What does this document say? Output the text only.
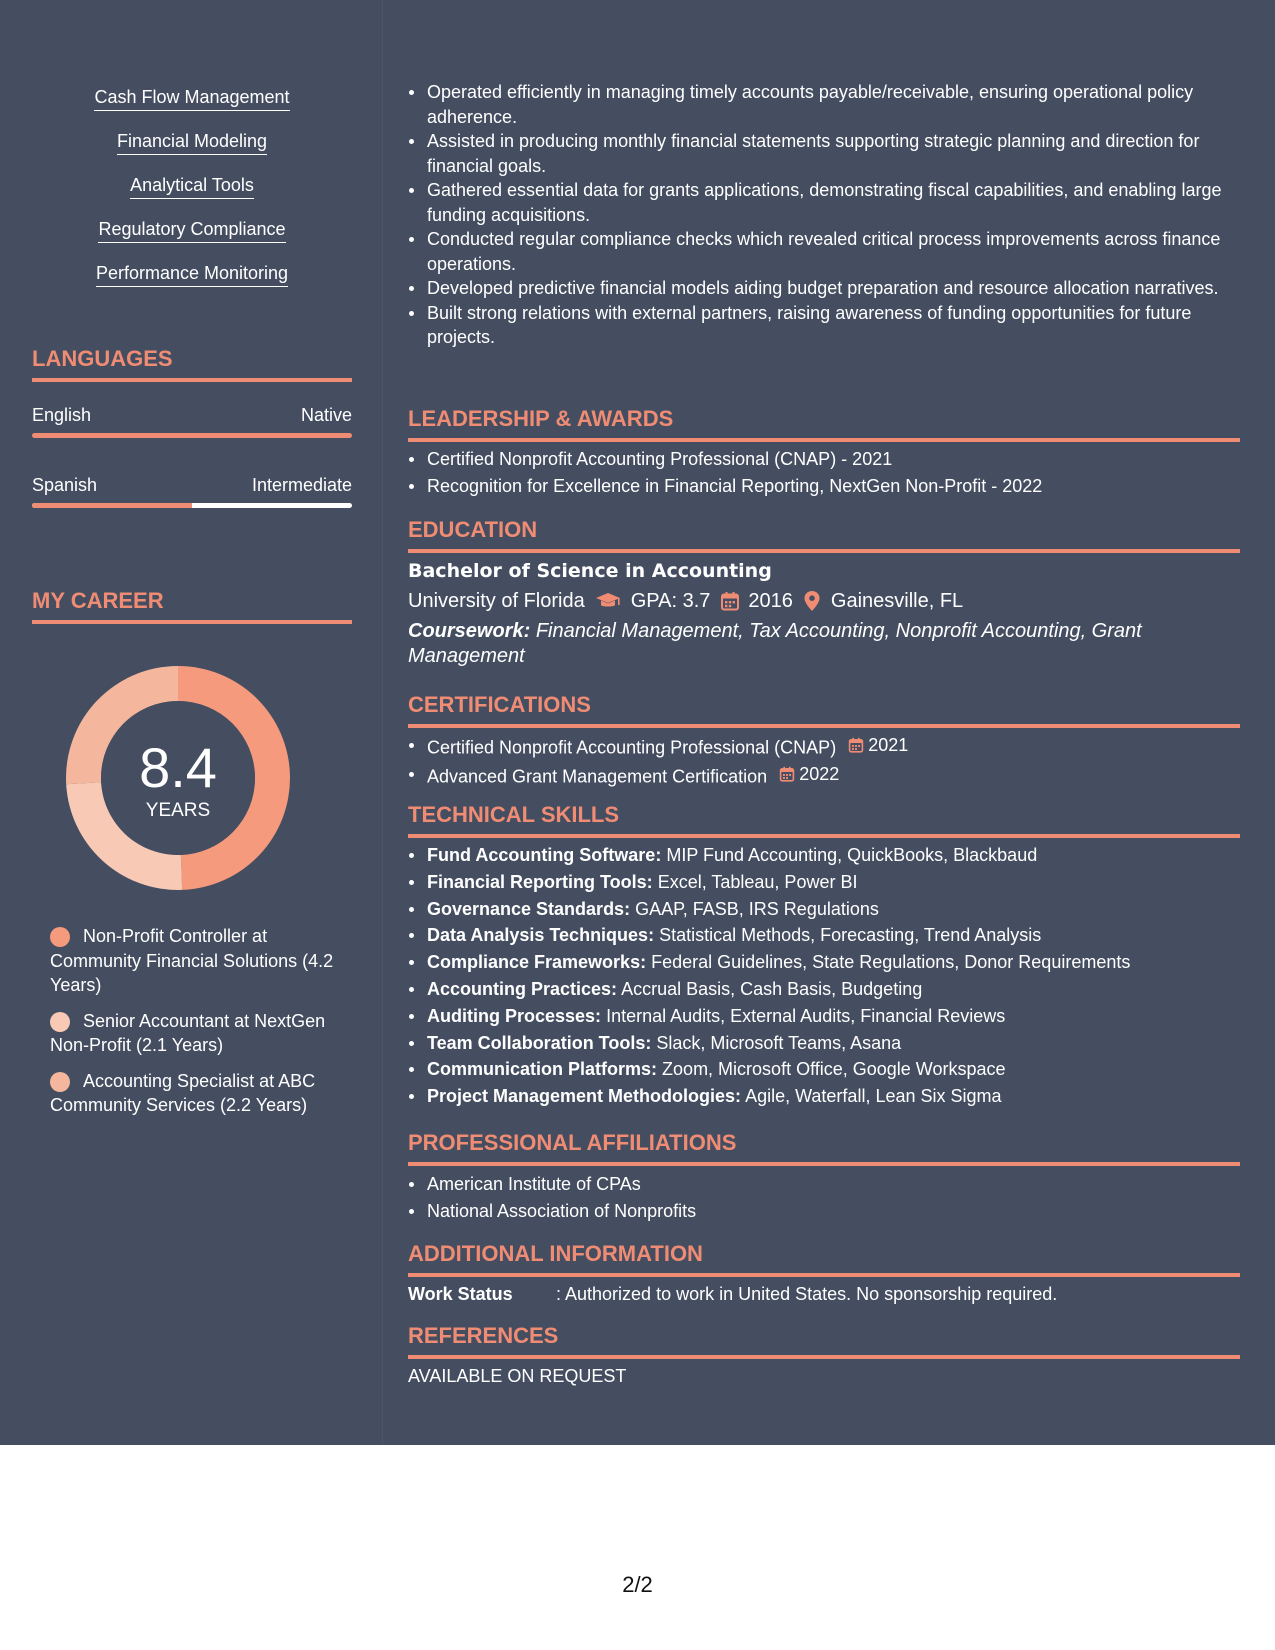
Cash Flow Management
Financial Modeling
Analytical Tools
Regulatory Compliance
Performance Monitoring
LANGUAGES
English	Native
Spanish	Intermediate
MY CAREER
8.4
YEARS
Non-Profit Controller at Community Financial Solutions (4.2 Years)
Senior Accountant at NextGen Non-Profit (2.1 Years)
Accounting Specialist at ABC Community Services (2.2 Years)
Operated efficiently in managing timely accounts payable/receivable, ensuring operational policy adherence.
Assisted in producing monthly financial statements supporting strategic planning and direction for financial goals.
Gathered essential data for grants applications, demonstrating fiscal capabilities, and enabling large funding acquisitions.
Conducted regular compliance checks which revealed critical process improvements across finance operations.
Developed predictive financial models aiding budget preparation and resource allocation narratives.
Built strong relations with external partners, raising awareness of funding opportunities for future projects.
LEADERSHIP & AWARDS
Certified Nonprofit Accounting Professional (CNAP) - 2021
Recognition for Excellence in Financial Reporting, NextGen Non-Profit - 2022
EDUCATION
Bachelor of Science in Accounting
University of Florida GPA: 3.7 2016 Gainesville, FL
Coursework: Financial Management, Tax Accounting, Nonprofit Accounting, Grant Management
CERTIFICATIONS
Certified Nonprofit Accounting Professional (CNAP) 2021
Advanced Grant Management Certification 2022
TECHNICAL SKILLS
Fund Accounting Software: MIP Fund Accounting, QuickBooks, Blackbaud
Financial Reporting Tools: Excel, Tableau, Power BI
Governance Standards: GAAP, FASB, IRS Regulations
Data Analysis Techniques: Statistical Methods, Forecasting, Trend Analysis
Compliance Frameworks: Federal Guidelines, State Regulations, Donor Requirements
Accounting Practices: Accrual Basis, Cash Basis, Budgeting
Auditing Processes: Internal Audits, External Audits, Financial Reviews
Team Collaboration Tools: Slack, Microsoft Teams, Asana
Communication Platforms: Zoom, Microsoft Office, Google Workspace
Project Management Methodologies: Agile, Waterfall, Lean Six Sigma
PROFESSIONAL AFFILIATIONS
American Institute of CPAs
National Association of Nonprofits
ADDITIONAL INFORMATION
Work Status : Authorized to work in United States. No sponsorship required.
REFERENCES
AVAILABLE ON REQUEST
2/2
